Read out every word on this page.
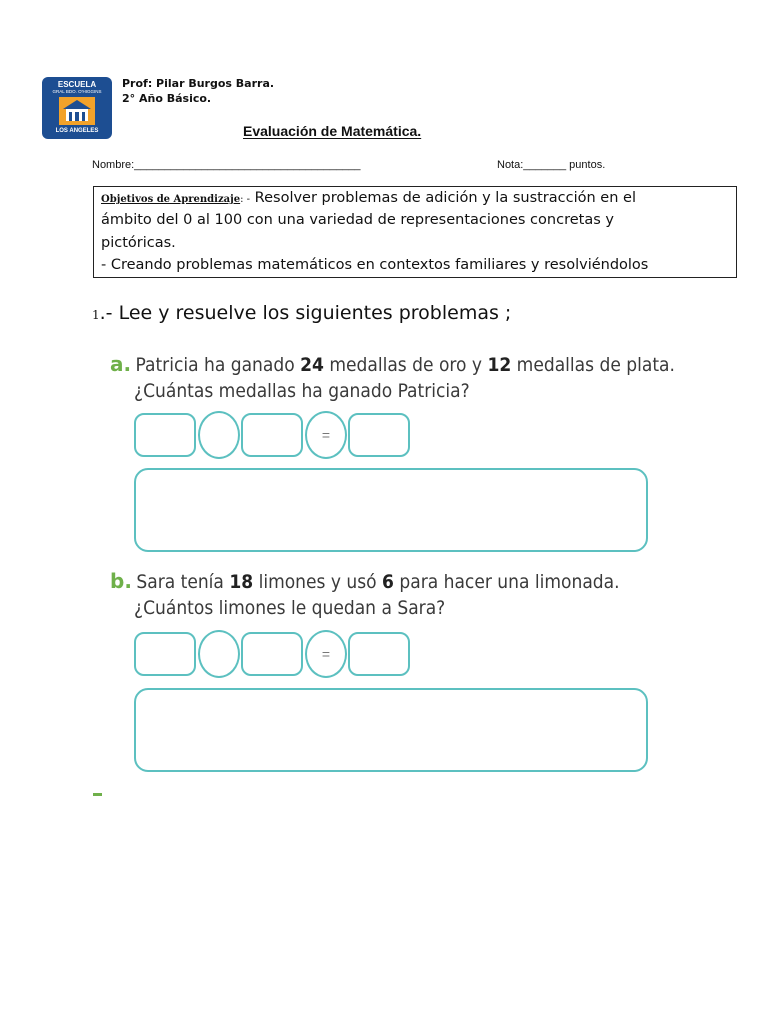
ESCUELA
GRAL BDO. O'HIGGINS
LOS ANGELES
Prof: Pilar Burgos Barra.
2° Año Básico.
Evaluación de Matemática.
Nombre:_____________________________________	Nota:_______ puntos.
Objetivos de Aprendizaje: - Resolver problemas de adición y la sustracción en el
ámbito del 0 al 100 con una variedad de representaciones concretas y
pictóricas.
- Creando problemas matemáticos en contextos familiares y resolviéndolos
1.- Lee y resuelve los siguientes problemas ;
a. Patricia ha ganado 24 medallas de oro y 12 medallas de plata.
¿Cuántas medallas ha ganado Patricia?
=
b. Sara tenía 18 limones y usó 6 para hacer una limonada.
¿Cuántos limones le quedan a Sara?
=
